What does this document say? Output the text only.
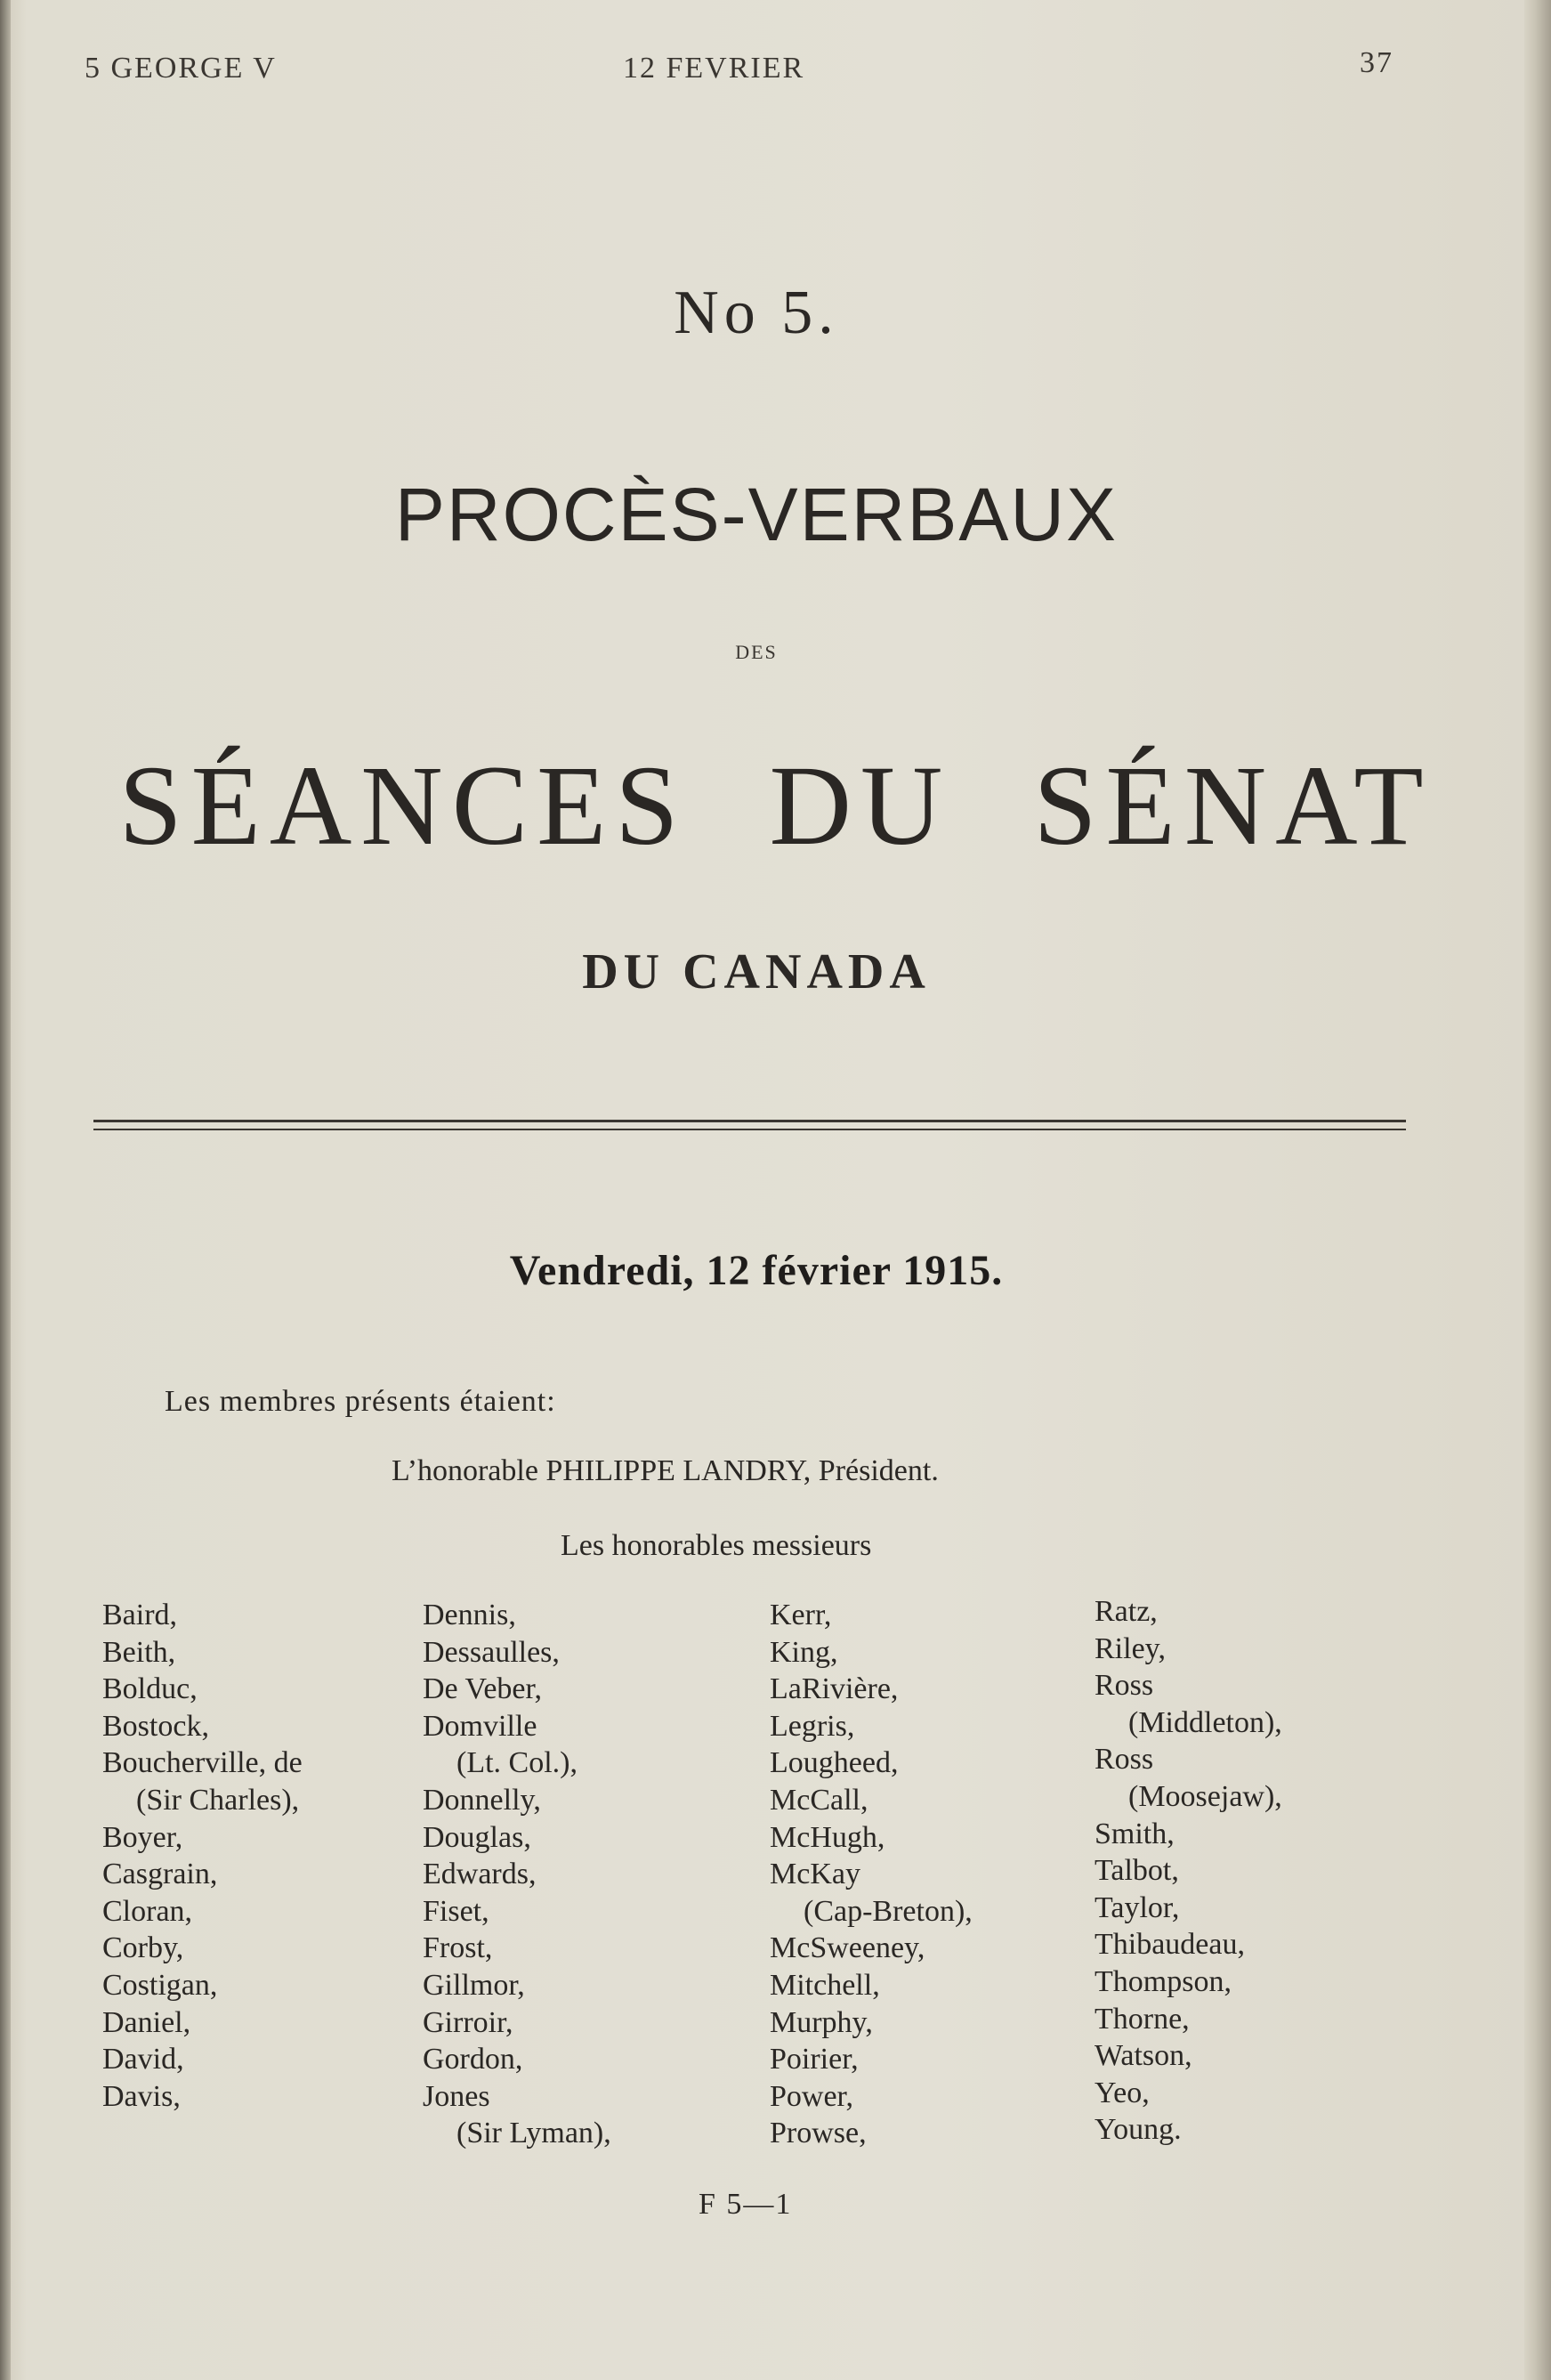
5 GEORGE V	12 FEVRIER	37
No 5.
PROCÈS-VERBAUX
DES
SÉANCES DU SÉNAT
DU CANADA
Vendredi, 12 février 1915.
Les membres présents étaient:
L’honorable PHILIPPE LANDRY, Président.
Les honorables messieurs
Baird,
Beith,
Bolduc,
Bostock,
Boucherville, de
(Sir Charles),
Boyer,
Casgrain,
Cloran,
Corby,
Costigan,
Daniel,
David,
Davis,
Dennis,
Dessaulles,
De Veber,
Domville
(Lt. Col.),
Donnelly,
Douglas,
Edwards,
Fiset,
Frost,
Gillmor,
Girroir,
Gordon,
Jones
(Sir Lyman),
Kerr,
King,
LaRivière,
Legris,
Lougheed,
McCall,
McHugh,
McKay
(Cap-Breton),
McSweeney,
Mitchell,
Murphy,
Poirier,
Power,
Prowse,
Ratz,
Riley,
Ross
(Middleton),
Ross
(Moosejaw),
Smith,
Talbot,
Taylor,
Thibaudeau,
Thompson,
Thorne,
Watson,
Yeo,
Young.
F 5—1
